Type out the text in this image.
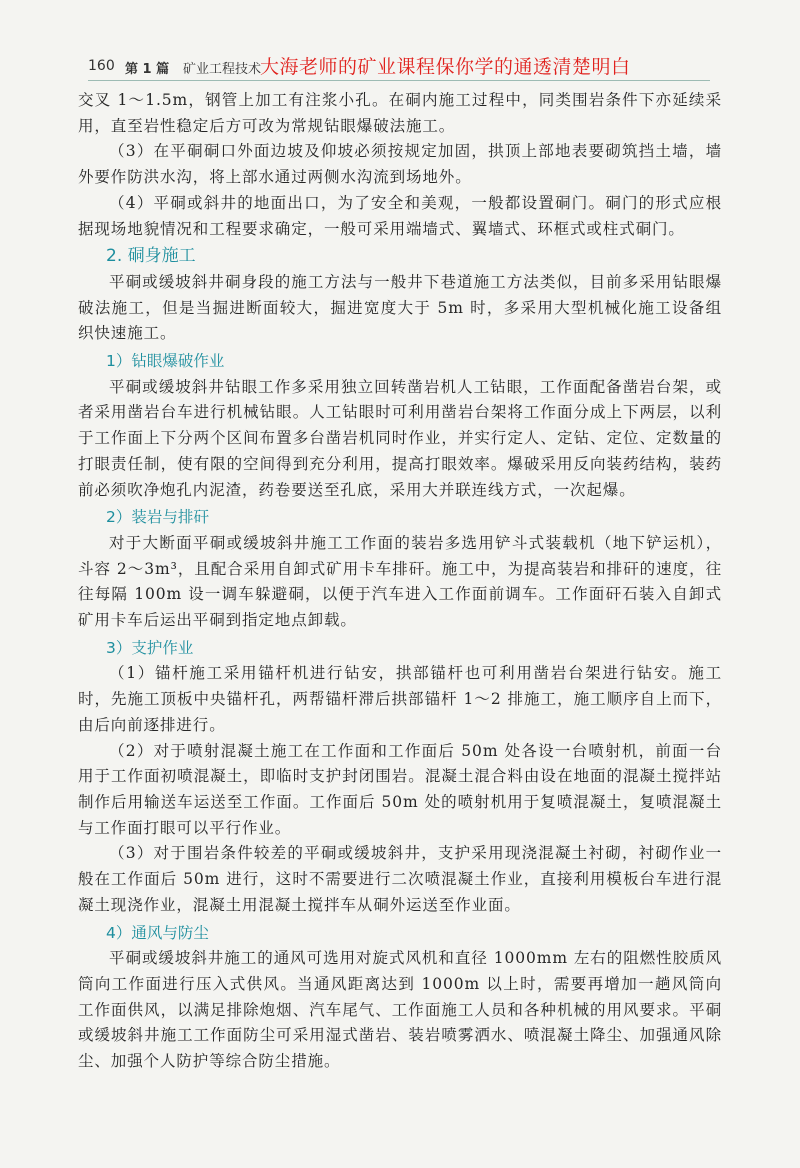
160 第 1 篇 矿业工程技术
大海老师的矿业课程保你学的通透清楚明白

交叉 1～1.5m，钢管上加工有注浆小孔。在硐内施工过程中，同类围岩条件下亦延续采用，直至岩性稳定后方可改为常规钻眼爆破法施工。

（3）在平硐硐口外面边坡及仰坡必须按规定加固，拱顶上部地表要砌筑挡土墙，墙外要作防洪水沟，将上部水通过两侧水沟流到场地外。

（4）平硐或斜井的地面出口，为了安全和美观，一般都设置硐门。硐门的形式应根据现场地貌情况和工程要求确定，一般可采用端墙式、翼墙式、环框式或柱式硐门。

2. 硐身施工

平硐或缓坡斜井硐身段的施工方法与一般井下巷道施工方法类似，目前多采用钻眼爆破法施工，但是当掘进断面较大，掘进宽度大于 5m 时，多采用大型机械化施工设备组织快速施工。

1）钻眼爆破作业

平硐或缓坡斜井钻眼工作多采用独立回转凿岩机人工钻眼，工作面配备凿岩台架，或者采用凿岩台车进行机械钻眼。人工钻眼时可利用凿岩台架将工作面分成上下两层，以利于工作面上下分两个区间布置多台凿岩机同时作业，并实行定人、定钻、定位、定数量的打眼责任制，使有限的空间得到充分利用，提高打眼效率。爆破采用反向装药结构，装药前必须吹净炮孔内泥渣，药卷要送至孔底，采用大并联连线方式，一次起爆。

2）装岩与排矸

对于大断面平硐或缓坡斜井施工工作面的装岩多选用铲斗式装载机（地下铲运机），斗容 2～3m³，且配合采用自卸式矿用卡车排矸。施工中，为提高装岩和排矸的速度，往往每隔 100m 设一调车躲避硐，以便于汽车进入工作面前调车。工作面矸石装入自卸式矿用卡车后运出平硐到指定地点卸载。

3）支护作业

（1）锚杆施工采用锚杆机进行钻安，拱部锚杆也可利用凿岩台架进行钻安。施工时，先施工顶板中央锚杆孔，两帮锚杆滞后拱部锚杆 1～2 排施工，施工顺序自上而下，由后向前逐排进行。

（2）对于喷射混凝土施工在工作面和工作面后 50m 处各设一台喷射机，前面一台用于工作面初喷混凝土，即临时支护封闭围岩。混凝土混合料由设在地面的混凝土搅拌站制作后用输送车运送至工作面。工作面后 50m 处的喷射机用于复喷混凝土，复喷混凝土与工作面打眼可以平行作业。

（3）对于围岩条件较差的平硐或缓坡斜井，支护采用现浇混凝土衬砌，衬砌作业一般在工作面后 50m 进行，这时不需要进行二次喷混凝土作业，直接利用模板台车进行混凝土现浇作业，混凝土用混凝土搅拌车从硐外运送至作业面。

4）通风与防尘

平硐或缓坡斜井施工的通风可选用对旋式风机和直径 1000mm 左右的阻燃性胶质风筒向工作面进行压入式供风。当通风距离达到 1000m 以上时，需要再增加一趟风筒向工作面供风，以满足排除炮烟、汽车尾气、工作面施工人员和各种机械的用风要求。平硐或缓坡斜井施工工作面防尘可采用湿式凿岩、装岩喷雾洒水、喷混凝土降尘、加强通风除尘、加强个人防护等综合防尘措施。
